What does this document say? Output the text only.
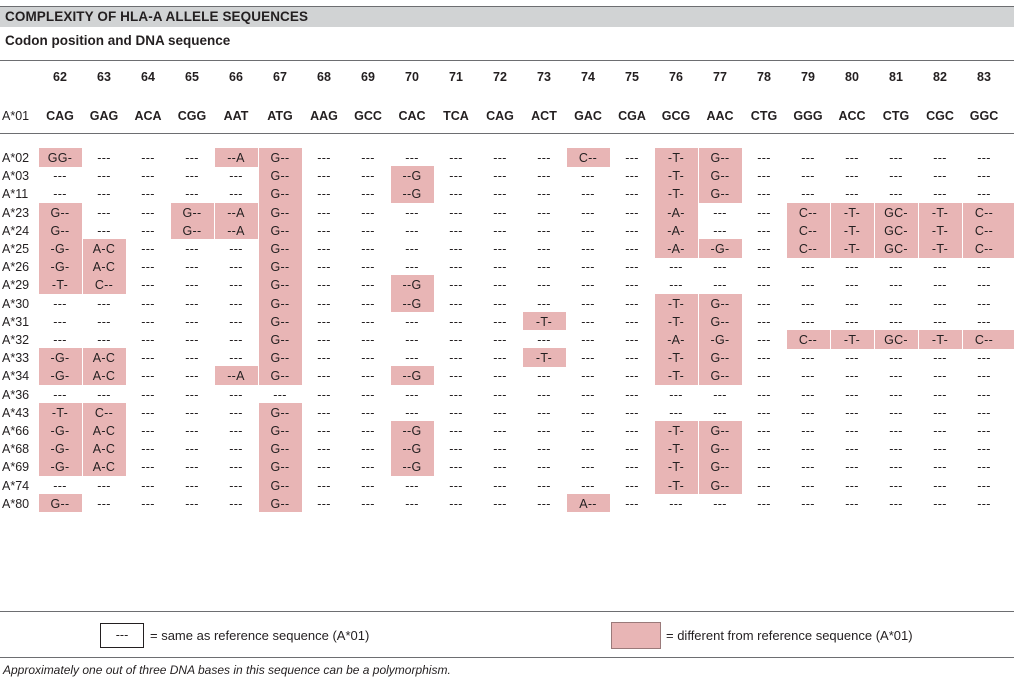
COMPLEXITY OF HLA-A ALLELE SEQUENCES
Codon position and DNA sequence
62	63	64	65	66	67	68	69	70	71	72	73	74	75	76	77	78	79	80	81	82	83
A*01	CAG	GAG	ACA	CGG	AAT	ATG	AAG	GCC	CAC	TCA	CAG	ACT	GAC	CGA	GCG	AAC	CTG	GGG	ACC	CTG	CGC	GGC
A*02	GG-	---	---	---	--A	G--	---	---	---	---	---	---	C--	---	-T-	G--	---	---	---	---	---	---
A*03	---	---	---	---	---	G--	---	---	--G	---	---	---	---	---	-T-	G--	---	---	---	---	---	---
A*11	---	---	---	---	---	G--	---	---	--G	---	---	---	---	---	-T-	G--	---	---	---	---	---	---
A*23	G--	---	---	G--	--A	G--	---	---	---	---	---	---	---	---	-A-	---	---	C--	-T-	GC-	-T-	C--
A*24	G--	---	---	G--	--A	G--	---	---	---	---	---	---	---	---	-A-	---	---	C--	-T-	GC-	-T-	C--
A*25	-G-	A-C	---	---	---	G--	---	---	---	---	---	---	---	---	-A-	-G-	---	C--	-T-	GC-	-T-	C--
A*26	-G-	A-C	---	---	---	G--	---	---	---	---	---	---	---	---	---	---	---	---	---	---	---	---
A*29	-T-	C--	---	---	---	G--	---	---	--G	---	---	---	---	---	---	---	---	---	---	---	---	---
A*30	---	---	---	---	---	G--	---	---	--G	---	---	---	---	---	-T-	G--	---	---	---	---	---	---
A*31	---	---	---	---	---	G--	---	---	---	---	---	-T-	---	---	-T-	G--	---	---	---	---	---	---
A*32	---	---	---	---	---	G--	---	---	---	---	---	---	---	---	-A-	-G-	---	C--	-T-	GC-	-T-	C--
A*33	-G-	A-C	---	---	---	G--	---	---	---	---	---	-T-	---	---	-T-	G--	---	---	---	---	---	---
A*34	-G-	A-C	---	---	--A	G--	---	---	--G	---	---	---	---	---	-T-	G--	---	---	---	---	---	---
A*36	---	---	---	---	---	---	---	---	---	---	---	---	---	---	---	---	---	---	---	---	---	---
A*43	-T-	C--	---	---	---	G--	---	---	---	---	---	---	---	---	---	---	---	---	---	---	---	---
A*66	-G-	A-C	---	---	---	G--	---	---	--G	---	---	---	---	---	-T-	G--	---	---	---	---	---	---
A*68	-G-	A-C	---	---	---	G--	---	---	--G	---	---	---	---	---	-T-	G--	---	---	---	---	---	---
A*69	-G-	A-C	---	---	---	G--	---	---	--G	---	---	---	---	---	-T-	G--	---	---	---	---	---	---
A*74	---	---	---	---	---	G--	---	---	---	---	---	---	---	---	-T-	G--	---	---	---	---	---	---
A*80	G--	---	---	---	---	G--	---	---	---	---	---	---	A--	---	---	---	---	---	---	---	---	---
---	= same as reference sequence (A*01)	= different from reference sequence (A*01)
Approximately one out of three DNA bases in this sequence can be a polymorphism.
